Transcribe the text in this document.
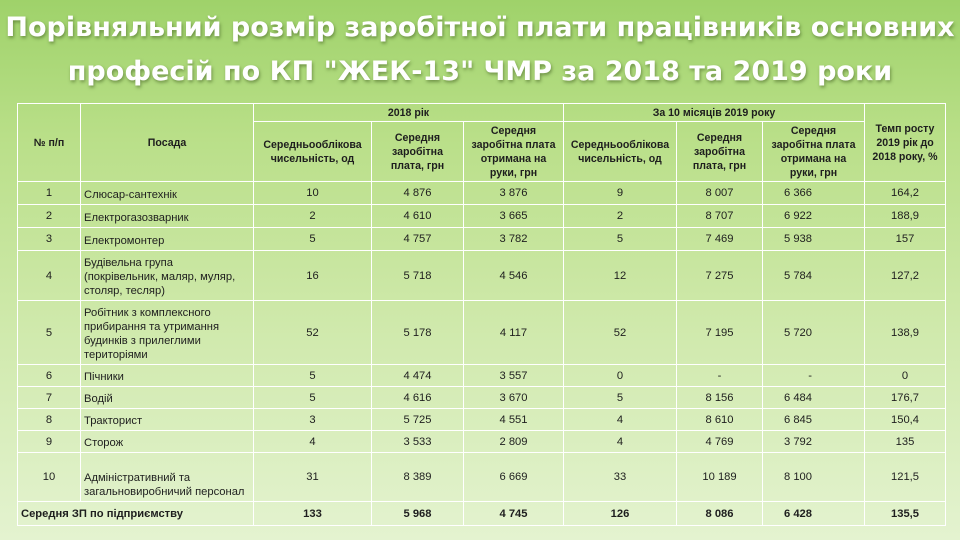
Порівняльний розмір заробітної плати працівників основних
професій по КП "ЖЕК-13" ЧМР за 2018 та 2019 роки
№ п/п	Посада	2018 рік			За 10 місяців 2019 року			Темп росту 2019 рік до 2018 року, %
		Середньооблікова чисельність, од	Середня заробітна плата, грн	Середня заробітна плата отримана на руки, грн	Середньооблікова чисельність, од	Середня заробітна плата, грн	Середня заробітна плата отримана на руки, грн	
1	Слюсар-сантехнік	10	4 876	3 876	9	8 007	6 366	164,2
2	Електрогазозварник	2	4 610	3 665	2	8 707	6 922	188,9
3	Електромонтер	5	4 757	3 782	5	7 469	5 938	157
4	Будівельна група (покрівельник, маляр, муляр, столяр, тесляр)	16	5 718	4 546	12	7 275	5 784	127,2
5	Робітник з комплексного прибирання та утримання будинків з прилеглими територіями	52	5 178	4 117	52	7 195	5 720	138,9
6	Пічники	5	4 474	3 557	0	-	-	0
7	Водій	5	4 616	3 670	5	8 156	6 484	176,7
8	Тракторист	3	5 725	4 551	4	8 610	6 845	150,4
9	Сторож	4	3 533	2 809	4	4 769	3 792	135
10	Адміністративний та загальновиробничий персонал	31	8 389	6 669	33	10 189	8 100	121,5
Середня ЗП по підприємству		133	5 968	4 745	126	8 086	6 428	135,5
